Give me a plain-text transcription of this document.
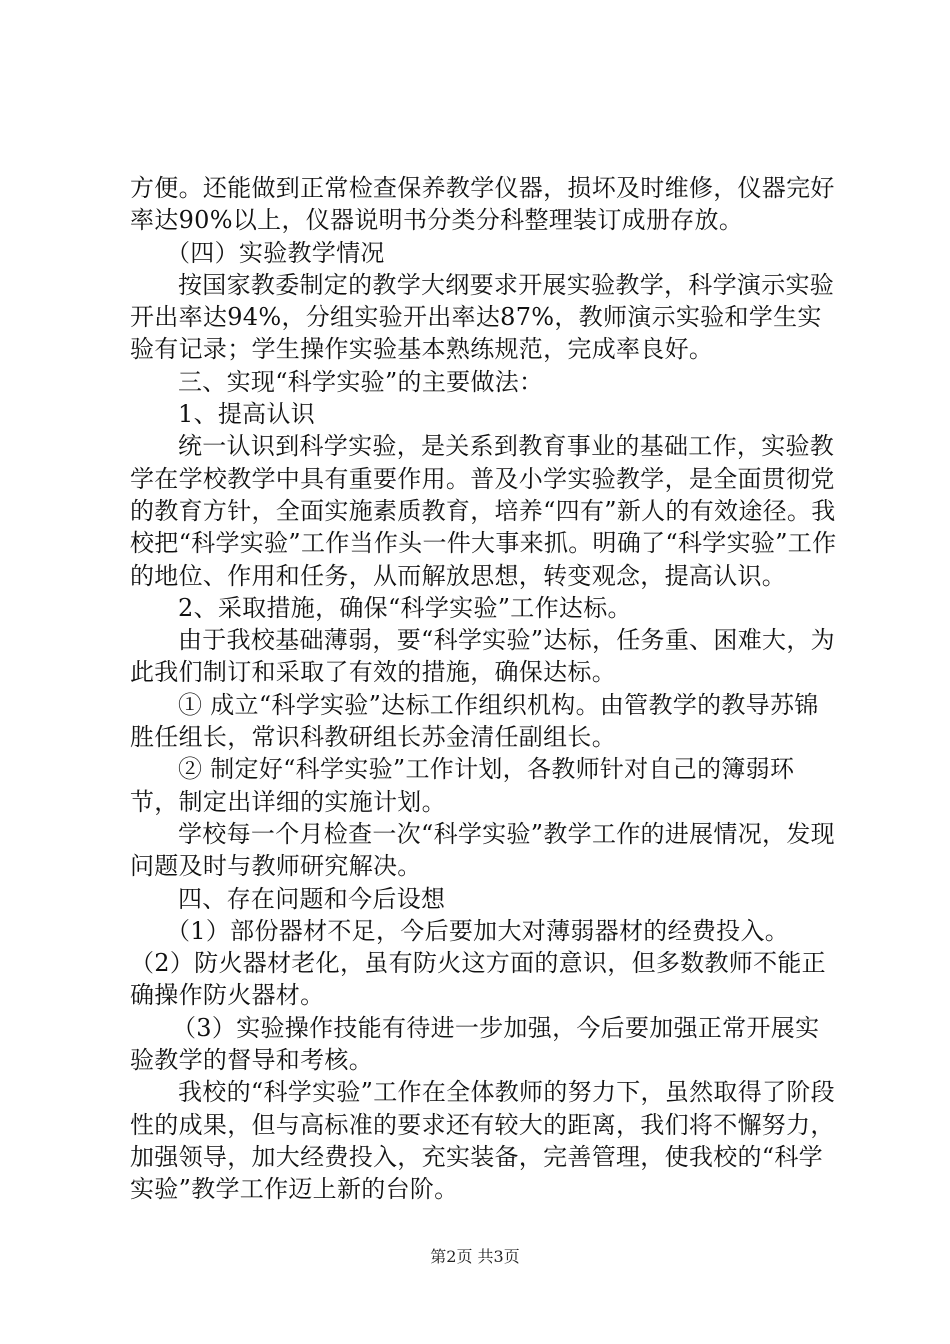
方便。还能做到正常检查保养教学仪器，损坏及时维修，仪器完好率达90%以上，仪器说明书分类分科整理装订成册存放。

（四）实验教学情况

按国家教委制定的教学大纲要求开展实验教学，科学演示实验开出率达94%，分组实验开出率达87%，教师演示实验和学生实验有记录；学生操作实验基本熟练规范，完成率良好。

三、实现“科学实验”的主要做法：

1、提高认识

统一认识到科学实验，是关系到教育事业的基础工作，实验教学在学校教学中具有重要作用。普及小学实验教学，是全面贯彻党的教育方针，全面实施素质教育，培养“四有”新人的有效途径。我校把“科学实验”工作当作头一件大事来抓。明确了“科学实验”工作的地位、作用和任务，从而解放思想，转变观念，提高认识。

2、采取措施，确保“科学实验”工作达标。

由于我校基础薄弱，要“科学实验”达标，任务重、困难大，为此我们制订和采取了有效的措施，确保达标。

① 成立“科学实验”达标工作组织机构。由管教学的教导苏锦胜任组长，常识科教研组长苏金清任副组长。

② 制定好“科学实验”工作计划，各教师针对自己的簿弱环节，制定出详细的实施计划。

学校每一个月检查一次“科学实验”教学工作的进展情况，发现问题及时与教师研究解决。

四、存在问题和今后设想

（1）部份器材不足，今后要加大对薄弱器材的经费投入。

（2）防火器材老化，虽有防火这方面的意识，但多数教师不能正确操作防火器材。

（3）实验操作技能有待进一步加强，今后要加强正常开展实验教学的督导和考核。

我校的“科学实验”工作在全体教师的努力下，虽然取得了阶段性的成果，但与高标准的要求还有较大的距离，我们将不懈努力，加强领导，加大经费投入，充实装备，完善管理，使我校的“科学实验”教学工作迈上新的台阶。

第2页 共3页
